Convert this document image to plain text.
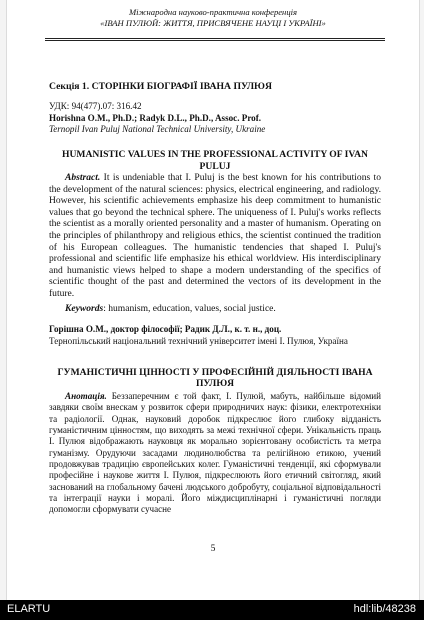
Міжнародна науково-практична конференція
«ІВАН ПУЛЮЙ: ЖИТТЯ, ПРИСВЯЧЕНЕ НАУЦІ І УКРАЇНІ»
Секція 1. СТОРІНКИ БІОГРАФІЇ ІВАНА ПУЛЮЯ
УДК: 94(477).07: 316.42
Horishna O.M., Ph.D.; Radyk D.L., Ph.D., Assoc. Prof.
Ternopil Ivan Puluj National Technical University, Ukraine
HUMANISTIC VALUES IN THE PROFESSIONAL ACTIVITY OF IVAN PULUJ

Abstract. It is undeniable that I. Puluj is the best known for his contributions to the development of the natural sciences: physics, electrical engineering, and radiology. However, his scientific achievements emphasize his deep commitment to humanistic values that go beyond the technical sphere. The uniqueness of I. Puluj's works reflects the scientist as a morally oriented personality and a master of humanism. Operating on the principles of philanthropy and religious ethics, the scientist continued the tradition of his European colleagues. The humanistic tendencies that shaped I. Puluj's professional and scientific life emphasize his ethical worldview. His interdisciplinary and humanistic views helped to shape a modern understanding of the specifics of scientific thought of the past and determined the vectors of its development in the future.

Keywords: humanism, education, values, social justice.

Горішна О.М., доктор філософії; Радик Д.Л., к. т. н., доц.
Тернопільський національний технічний університет імені І. Пулюя, Україна
ГУМАНІСТИЧНІ ЦІННОСТІ У ПРОФЕСІЙНІЙ ДІЯЛЬНОСТІ ІВАНА ПУЛЮЯ

Анотація. Беззаперечним є той факт, І. Пулюй, мабуть, найбільше відомий завдяки своїм внескам у розвиток сфери природничих наук: фізики, електротехніки та радіології. Однак, науковий доробок підкреслює його глибоку відданість гуманістичним цінностям, що виходять за межі технічної сфери. Унікальність праць І. Пулюя відображають науковця як морально зорієнтовану особистість та метра гуманізму. Орудуючи засадами людинолюбства та релігійною етикою, учений продовжував традицію європейських колег. Гуманістичні тенденції, які сформували професійне і наукове життя І. Пулюя, підкреслюють його етичний світогляд, який заснований на глобальному бачені людського добробуту, соціальної відповідальності та інтеграції науки і моралі. Його міждисциплінарні і гуманістичні погляди допомогли сформувати сучасне

5
ELARTU	hdl:lib/48238
